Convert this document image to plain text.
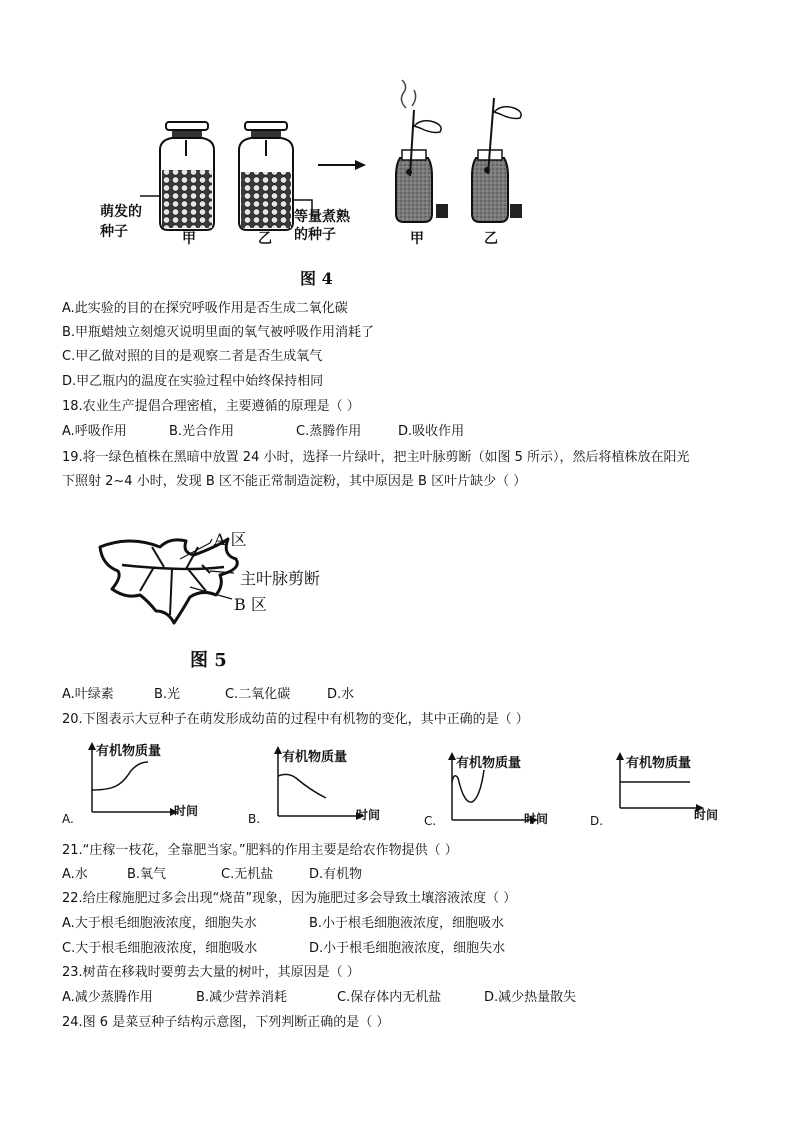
萌发的
种子	甲	乙
等量煮熟
的种子	甲	乙
图 4
A.此实验的目的在探究呼吸作用是否生成二氧化碳
B.甲瓶蜡烛立刻熄灭说明里面的氧气被呼吸作用消耗了
C.甲乙做对照的目的是观察二者是否生成氧气
D.甲乙瓶内的温度在实验过程中始终保持相同
18.农业生产提倡合理密植，主要遵循的原理是（ ）
A.呼吸作用	B.光合作用	C.蒸腾作用	D.吸收作用
19.将一绿色植株在黑暗中放置 24 小时，选择一片绿叶，把主叶脉剪断（如图 5 所示），然后将植株放在阳光
下照射 2~4 小时，发现 B 区不能正常制造淀粉，其中原因是 B 区叶片缺少（ ）
A 区
主叶脉剪断
B 区
图 5
A.叶绿素	B.光	C.二氧化碳	D.水
20.下图表示大豆种子在萌发形成幼苗的过程中有机物的变化，其中正确的是（ ）
有机物质量
时间
A.
有机物质量
时间
B.
有机物质量
时间
C.
有机物质量
时间
D.
21.“庄稼一枝花，全靠肥当家。”肥料的作用主要是给农作物提供（ ）
A.水	B.氧气	C.无机盐	D.有机物
22.给庄稼施肥过多会出现“烧苗”现象，因为施肥过多会导致土壤溶液浓度（ ）
A.大于根毛细胞液浓度，细胞失水	B.小于根毛细胞液浓度，细胞吸水
C.大于根毛细胞液浓度，细胞吸水	D.小于根毛细胞液浓度，细胞失水
23.树苗在移栽时要剪去大量的树叶，其原因是（ ）
A.减少蒸腾作用	B.减少营养消耗	C.保存体内无机盐	D.减少热量散失
24.图 6 是菜豆种子结构示意图，下列判断正确的是（ ）
